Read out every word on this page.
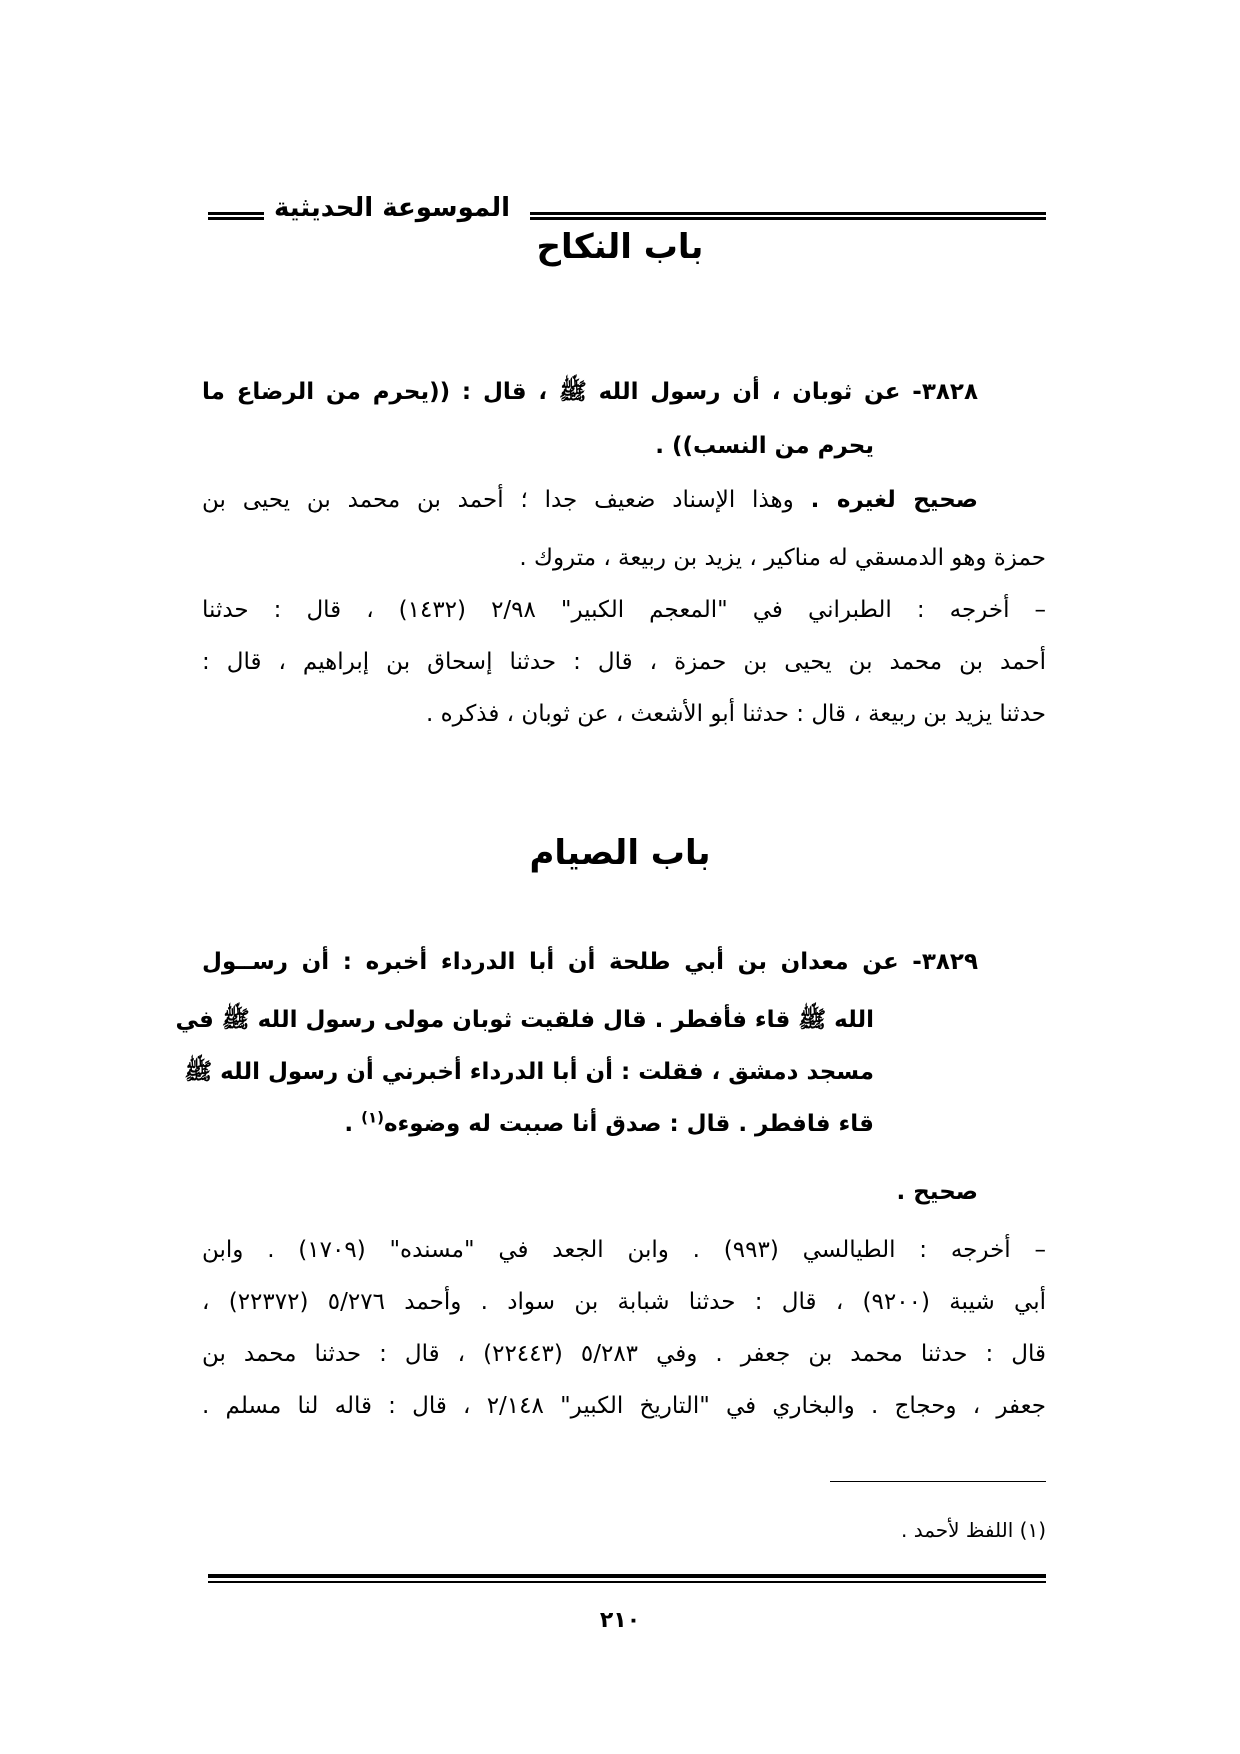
الموسوعة الحديثية
باب النكاح
٣٨٢٨- عن ثوبان ، أن رسول الله ﷺ ، قال : ((يحرم من الرضاع ما
يحرم من النسب)) .
صحيح لغيره . وهذا الإسناد ضعيف جدا ؛ أحمد بن محمد بن يحيى بن
حمزة وهو الدمسقي له مناكير ، يزيد بن ربيعة ، متروك .
– أخرجه : الطبراني في "المعجم الكبير" ٢/٩٨ (١٤٣٢) ، قال : حدثنا
أحمد بن محمد بن يحيى بن حمزة ، قال : حدثنا إسحاق بن إبراهيم ، قال :
حدثنا يزيد بن ربيعة ، قال : حدثنا أبو الأشعث ، عن ثوبان ، فذكره .
باب الصيام
٣٨٢٩- عن معدان بن أبي طلحة أن أبا الدرداء أخبره : أن رســول
الله ﷺ قاء فأفطر . قال فلقيت ثوبان مولى رسول الله ﷺ في
مسجد دمشق ، فقلت : أن أبا الدرداء أخبرني أن رسول الله ﷺ
قاء فافطر . قال : صدق أنا صببت له وضوءه$^{(١)}$ .
صحيح .
– أخرجه : الطيالسي (٩٩٣) . وابن الجعد في "مسنده" (١٧٠٩) . وابن
أبي شيبة (٩٢٠٠) ، قال : حدثنا شبابة بن سواد . وأحمد ٥/٢٧٦ (٢٢٣٧٢) ،
قال : حدثنا محمد بن جعفر . وفي ٥/٢٨٣ (٢٢٤٤٣) ، قال : حدثنا محمد بن
جعفر ، وحجاج . والبخاري في "التاريخ الكبير" ٢/١٤٨ ، قال : قاله لنا مسلم .
(١) اللفظ لأحمد .
٢١٠
